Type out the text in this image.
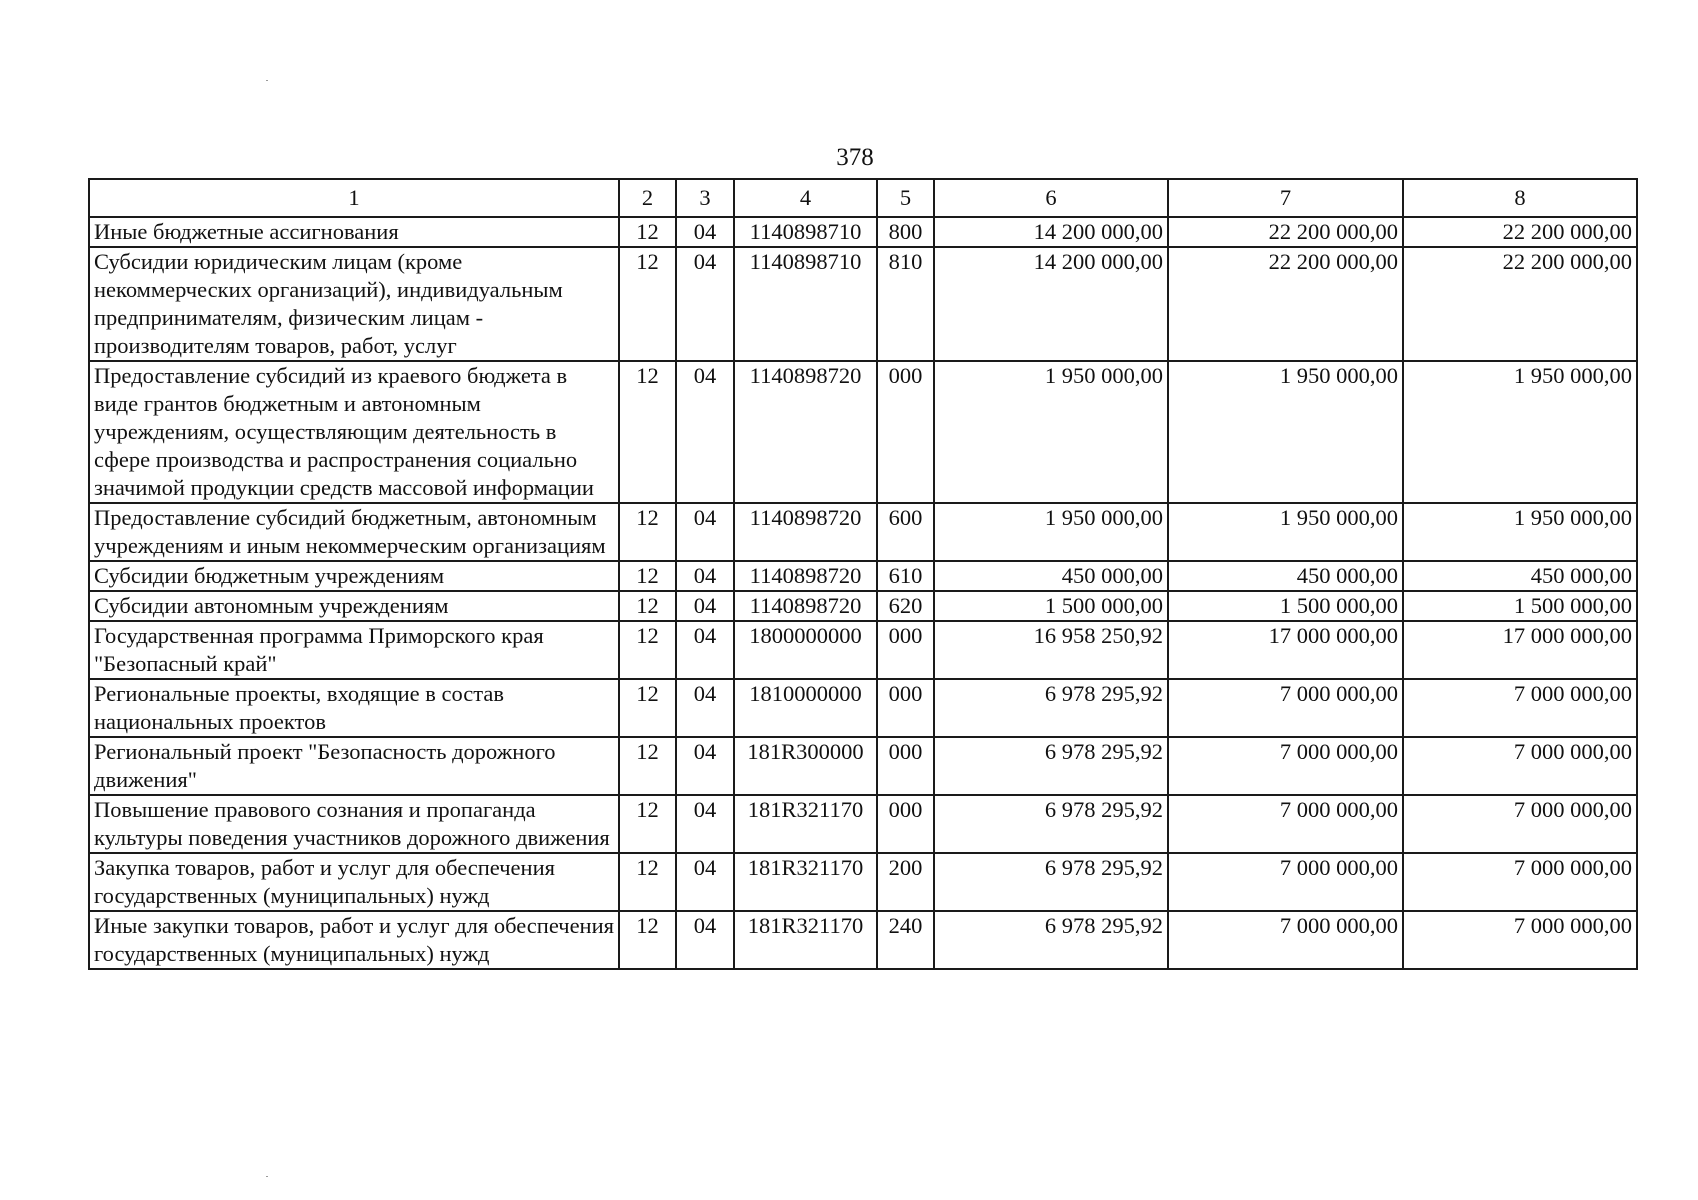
378
1	2	3	4	5	6	7	8
Иные бюджетные ассигнования	12	04	1140898710	800	14 200 000,00	22 200 000,00	22 200 000,00
Субсидии юридическим лицам (кроме некоммерческих организаций), индивидуальным предпринимателям, физическим лицам - производителям товаров, работ, услуг	12	04	1140898710	810	14 200 000,00	22 200 000,00	22 200 000,00
Предоставление субсидий из краевого бюджета в виде грантов бюджетным и автономным учреждениям, осуществляющим деятельность в сфере производства и распространения социально значимой продукции средств массовой информации	12	04	1140898720	000	1 950 000,00	1 950 000,00	1 950 000,00
Предоставление субсидий бюджетным, автономным учреждениям и иным некоммерческим организациям	12	04	1140898720	600	1 950 000,00	1 950 000,00	1 950 000,00
Субсидии бюджетным учреждениям	12	04	1140898720	610	450 000,00	450 000,00	450 000,00
Субсидии автономным учреждениям	12	04	1140898720	620	1 500 000,00	1 500 000,00	1 500 000,00
Государственная программа Приморского края "Безопасный край"	12	04	1800000000	000	16 958 250,92	17 000 000,00	17 000 000,00
Региональные проекты, входящие в состав национальных проектов	12	04	1810000000	000	6 978 295,92	7 000 000,00	7 000 000,00
Региональный проект "Безопасность дорожного движения"	12	04	181R300000	000	6 978 295,92	7 000 000,00	7 000 000,00
Повышение правового сознания и пропаганда культуры поведения участников дорожного движения	12	04	181R321170	000	6 978 295,92	7 000 000,00	7 000 000,00
Закупка товаров, работ и услуг для обеспечения государственных (муниципальных) нужд	12	04	181R321170	200	6 978 295,92	7 000 000,00	7 000 000,00
Иные закупки товаров, работ и услуг для обеспечения государственных (муниципальных) нужд	12	04	181R321170	240	6 978 295,92	7 000 000,00	7 000 000,00
